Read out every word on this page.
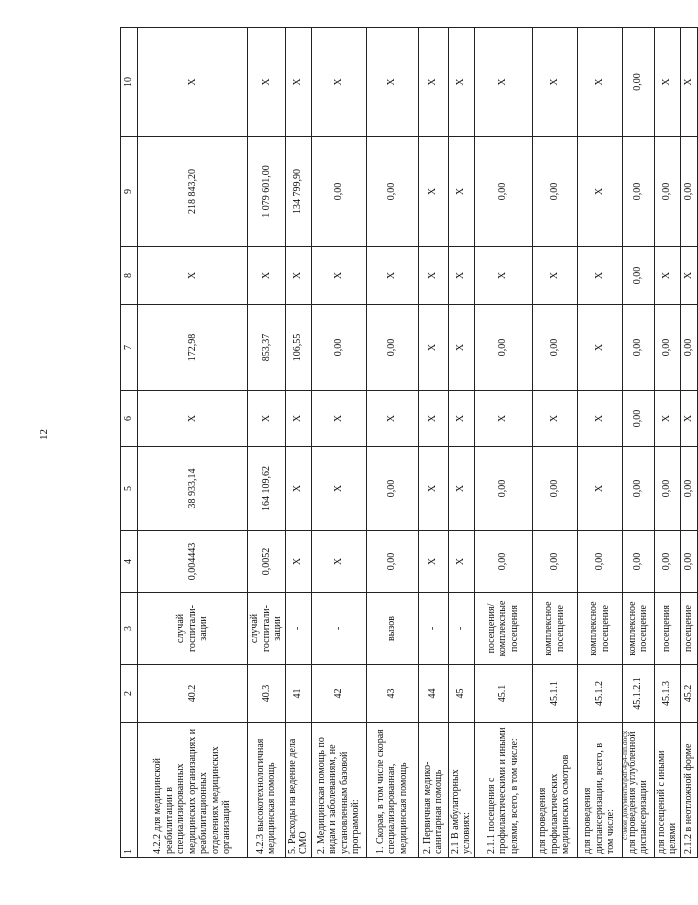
12
1	2	3	4	5	6	7	8	9	10
4.2.2 для медицинской реабилитации в специализированных медицинских организациях и реабилитационных отделениях медицинских организаций	40.2	случай госпитали-зации	0,004443	38 933,14	X	172,98	X	218 843,20	X
4.2.3 высокотехнологичная медицинская помощь	40.3	случай госпитали-зации	0,0052	164 109,62	X	853,37	X	1 079 601,00	X
5. Расходы на ведение дела СМО	41	-	X	X	X	106,55	X	134 799,90	X
2. Медицинская помощь по видам и заболеваниям, не установленным базовой программой:	42	-	X	X	X	0,00	X	0,00	X
1. Скорая, в том числе скорая специализированная, медицинская помощь	43	вызов	0,00	0,00	X	0,00	X	0,00	X
2. Первичная медико-санитарная помощь	44	-	X	X	X	X	X	X	X
2.1 В амбулаторных условиях:	45	-	X	X	X	X	X	X	X
2.1.1 посещения с профилактическими и иными целями, всего, в том числе:	45.1	посещения/ комплексные посещения	0,00	0,00	X	0,00	X	0,00	X
для проведения профилактических медицинских осмотров	45.1.1	комплексное посещение	0,00	0,00	X	0,00	X	0,00	X
для проведения диспансеризации, всего, в том числе:	45.1.2	комплексное посещение	0,00	X	X	X	X	X	X
для проведения углубленной диспансеризации	45.1.2.1	комплексное посещение	0,00	0,00	0,00	0,00	0,00	0,00	0,00
для посещений с иными целями	45.1.3	посещения	0,00	0,00	X	0,00	X	0,00	X
2.1.2 в неотложной форме	45.2	посещение	0,00	0,00	X	0,00	X	0,00	X
c:\мои документы\pdf\454-пп.docx
